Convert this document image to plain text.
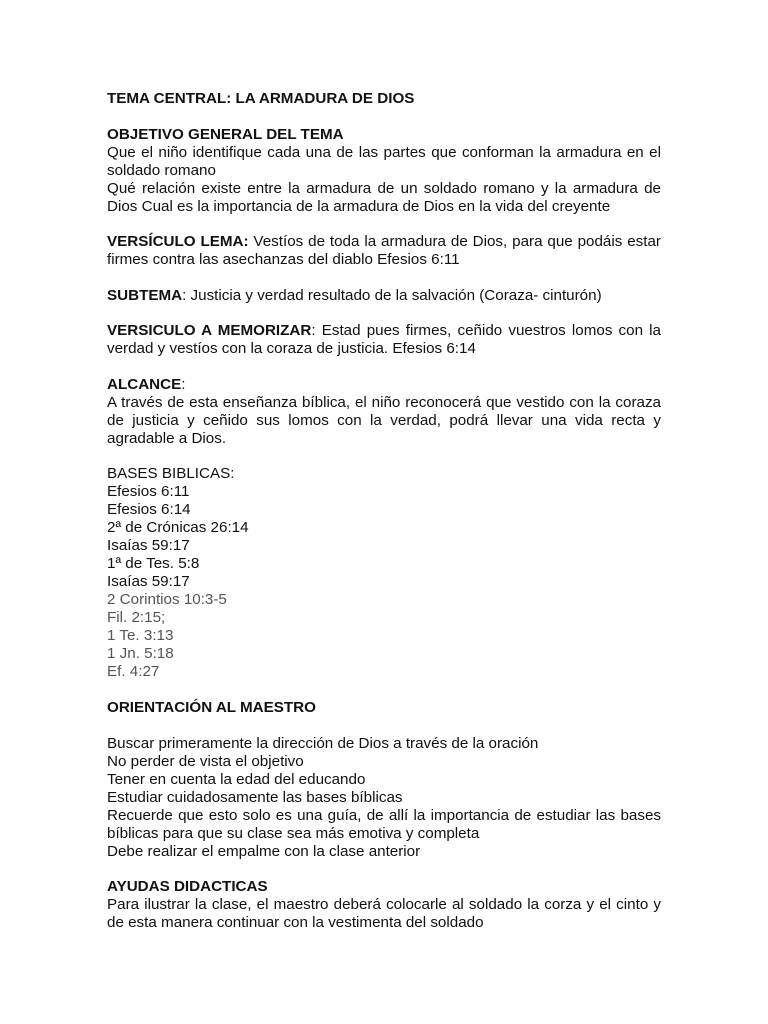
TEMA CENTRAL: LA ARMADURA DE DIOS
OBJETIVO GENERAL DEL TEMA
Que el niño identifique cada una de las partes que conforman la armadura en el soldado romano
Qué relación existe entre la armadura de un soldado romano y la armadura de Dios Cual es la importancia de la armadura de Dios en la vida del creyente
VERSÍCULO LEMA: Vestíos de toda la armadura de Dios, para que podáis estar firmes contra las asechanzas del diablo Efesios 6:11
SUBTEMA: Justicia y verdad resultado de la salvación (Coraza- cinturón)
VERSICULO A MEMORIZAR: Estad pues firmes, ceñido vuestros lomos con la verdad y vestíos con la coraza de justicia. Efesios 6:14
ALCANCE:
A través de esta enseñanza bíblica, el niño reconocerá que vestido con la coraza de justicia y ceñido sus lomos con la verdad, podrá llevar una vida recta y agradable a Dios.
BASES BIBLICAS:
Efesios 6:11
Efesios 6:14
2ª de Crónicas 26:14
Isaías 59:17
1ª de Tes. 5:8
Isaías 59:17
2 Corintios 10:3-5
Fil. 2:15;
1 Te. 3:13
1 Jn. 5:18
Ef. 4:27
ORIENTACIÓN AL MAESTRO
Buscar primeramente la dirección de Dios a través de la oración
No perder de vista el objetivo
Tener en cuenta la edad del educando
Estudiar cuidadosamente las bases bíblicas
Recuerde que esto solo es una guía, de allí la importancia de estudiar las bases bíblicas para que su clase sea más emotiva y completa
Debe realizar el empalme con la clase anterior
AYUDAS DIDACTICAS
Para ilustrar la clase, el maestro deberá colocarle al soldado la corza y el cinto y de esta manera continuar con la vestimenta del soldado
